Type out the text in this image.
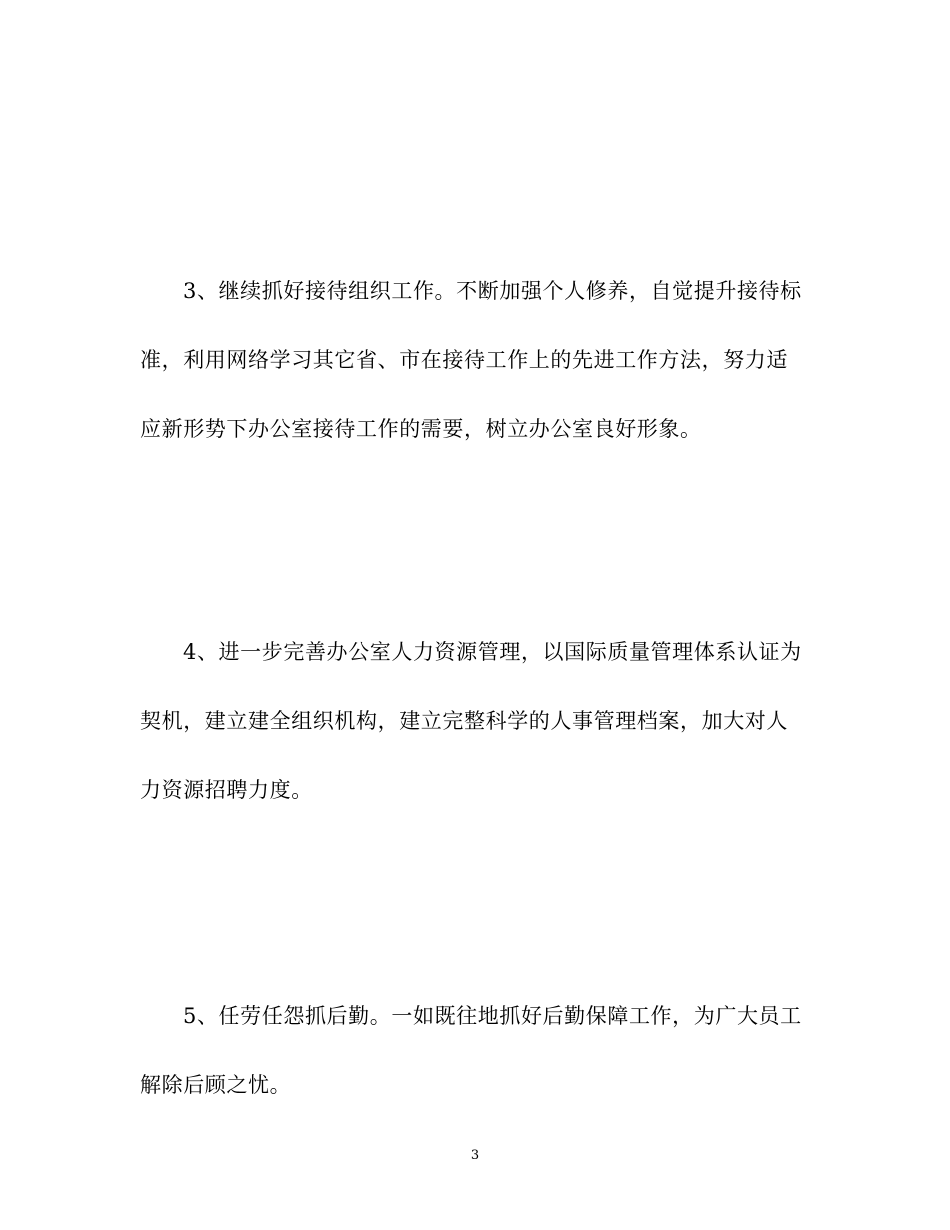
3、继续抓好接待组织工作。不断加强个人修养，自觉提升接待标
准，利用网络学习其它省、市在接待工作上的先进工作方法，努力适
应新形势下办公室接待工作的需要，树立办公室良好形象。
4、进一步完善办公室人力资源管理，以国际质量管理体系认证为
契机，建立建全组织机构，建立完整科学的人事管理档案，加大对人
力资源招聘力度。
5、任劳任怨抓后勤。一如既往地抓好后勤保障工作，为广大员工
解除后顾之忧。
3
